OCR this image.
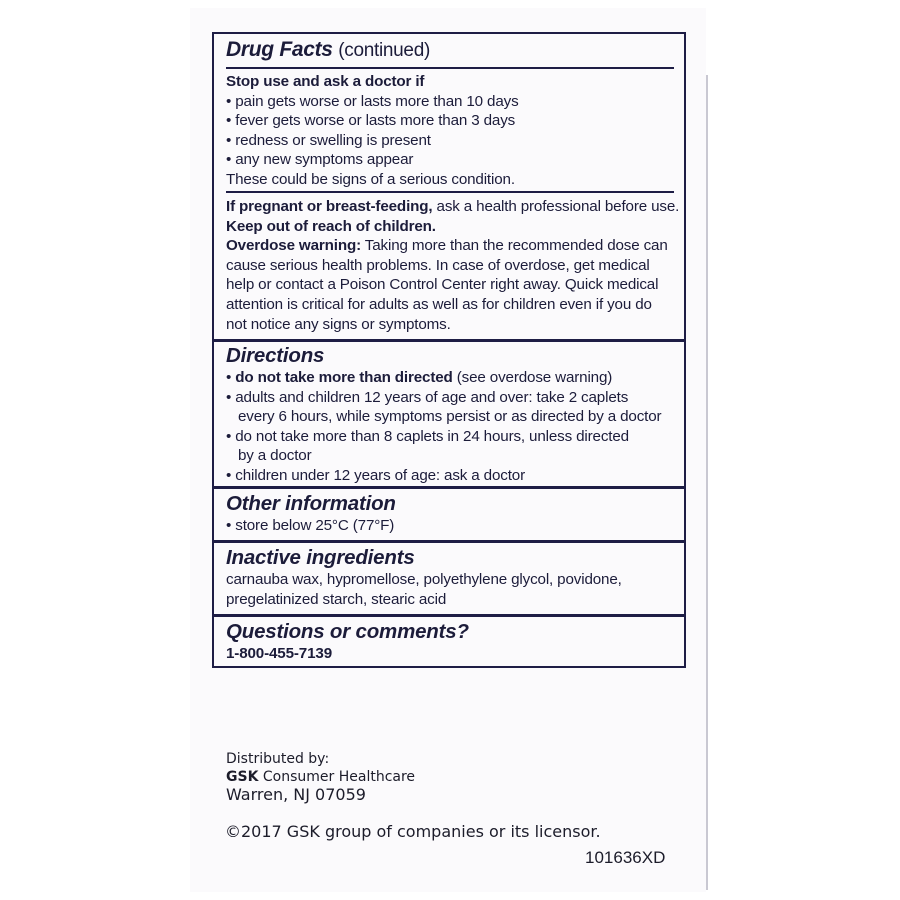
Drug Facts (continued)
Stop use and ask a doctor if
• pain gets worse or lasts more than 10 days
• fever gets worse or lasts more than 3 days
• redness or swelling is present
• any new symptoms appear
These could be signs of a serious condition.
If pregnant or breast-feeding, ask a health professional before use.
Keep out of reach of children.
Overdose warning: Taking more than the recommended dose can
cause serious health problems. In case of overdose, get medical
help or contact a Poison Control Center right away. Quick medical
attention is critical for adults as well as for children even if you do
not notice any signs or symptoms.
Directions
• do not take more than directed (see overdose warning)
• adults and children 12 years of age and over: take 2 caplets
every 6 hours, while symptoms persist or as directed by a doctor
• do not take more than 8 caplets in 24 hours, unless directed
by a doctor
• children under 12 years of age: ask a doctor
Other information
• store below 25°C (77°F)
Inactive ingredients
carnauba wax, hypromellose, polyethylene glycol, povidone,
pregelatinized starch, stearic acid
Questions or comments?
1-800-455-7139
Distributed by:
GSK Consumer Healthcare
Warren, NJ 07059
©2017 GSK group of companies or its licensor.
101636XD
